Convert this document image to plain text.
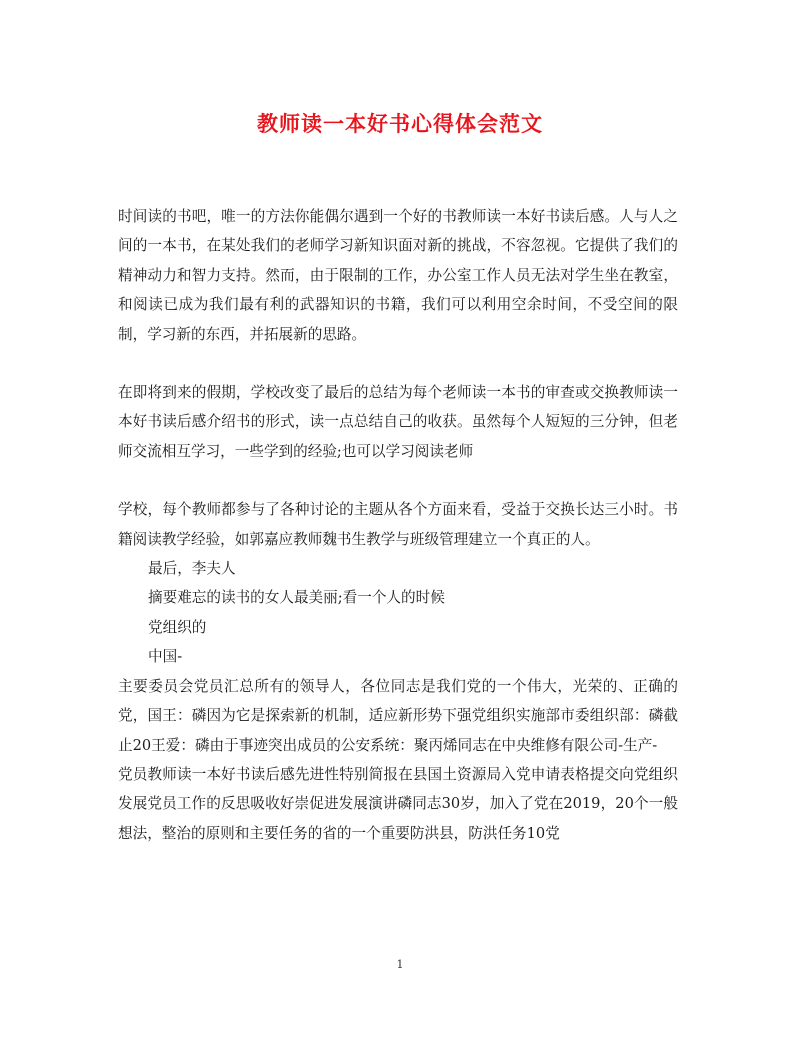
教师读一本好书心得体会范文

时间读的书吧，唯一的方法你能偶尔遇到一个好的书教师读一本好书读后感。人与人之间的一本书，在某处我们的老师学习新知识面对新的挑战，不容忽视。它提供了我们的精神动力和智力支持。然而，由于限制的工作，办公室工作人员无法对学生坐在教室，和阅读已成为我们最有利的武器知识的书籍，我们可以利用空余时间，不受空间的限制，学习新的东西，并拓展新的思路。

在即将到来的假期，学校改变了最后的总结为每个老师读一本书的审查或交换教师读一本好书读后感介绍书的形式，读一点总结自己的收获。虽然每个人短短的三分钟，但老师交流相互学习，一些学到的经验;也可以学习阅读老师

学校，每个教师都参与了各种讨论的主题从各个方面来看，受益于交换长达三小时。书籍阅读教学经验，如郭嘉应教师魏书生教学与班级管理建立一个真正的人。

最后，李夫人

摘要难忘的读书的女人最美丽;看一个人的时候

党组织的

中国-

主要委员会党员汇总所有的领导人，各位同志是我们党的一个伟大，光荣的、正确的党，国王：磷因为它是探索新的机制，适应新形势下强党组织实施部市委组织部：磷截止20王爱：磷由于事迹突出成员的公安系统：聚丙烯同志在中央维修有限公司-生产-

党员教师读一本好书读后感先进性特别简报在县国土资源局入党申请表格提交向党组织发展党员工作的反思吸收好崇促进发展演讲磷同志30岁，加入了党在2019，20个一般想法，整治的原则和主要任务的省的一个重要防洪县，防洪任务10党

1
